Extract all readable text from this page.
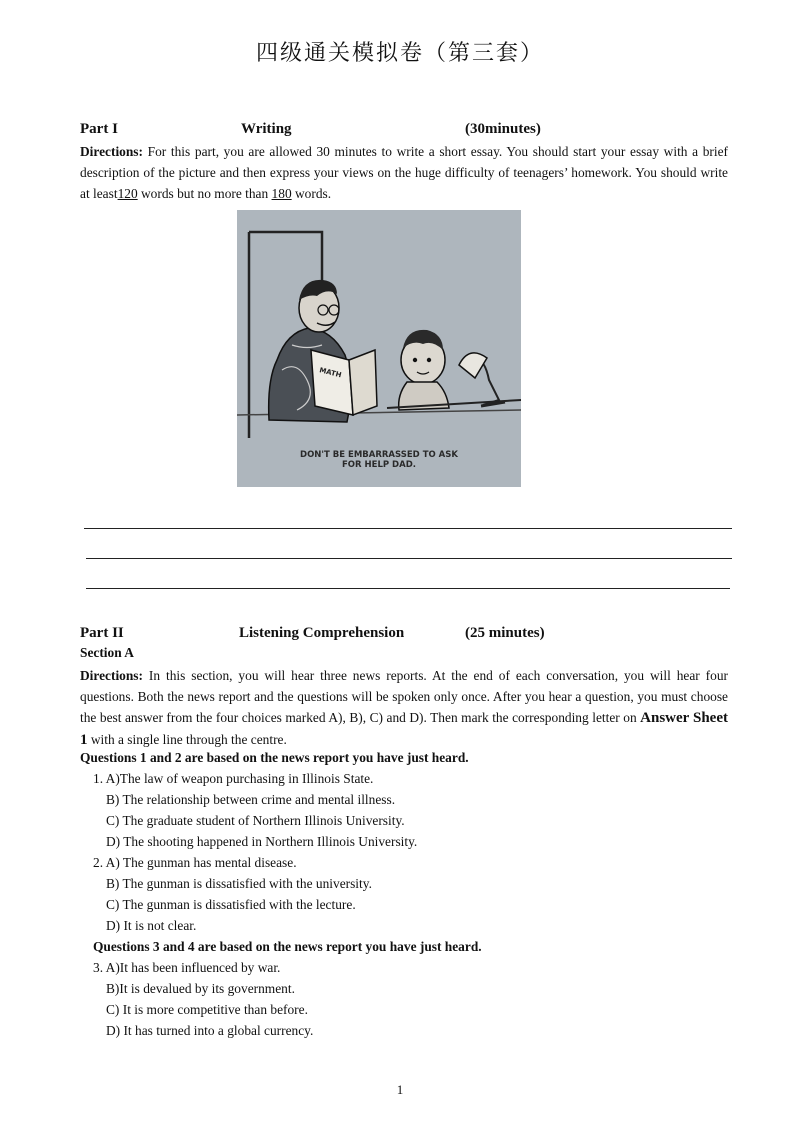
四级通关模拟卷（第三套）
Part I	Writing	(30minutes)
Directions: For this part, you are allowed 30 minutes to write a short essay. You should start your essay with a brief description of the picture and then express your views on the huge difficulty of teenagers’ homework. You should write at least120 words but no more than 180 words.
MATH
DON'T BE EMBARRASSED TO ASK
FOR HELP DAD.
Part II	Listening Comprehension	(25 minutes)
Section A
Directions: In this section, you will hear three news reports. At the end of each conversation, you will hear four questions. Both the news report and the questions will be spoken only once. After you hear a question, you must choose the best answer from the four choices marked A), B), C) and D). Then mark the corresponding letter on Answer Sheet 1 with a single line through the centre.
Questions 1 and 2 are based on the news report you have just heard.
1. A)The law of weapon purchasing in Illinois State.
B) The relationship between crime and mental illness.
C) The graduate student of Northern Illinois University.
D) The shooting happened in Northern Illinois University.
2. A) The gunman has mental disease.
B) The gunman is dissatisfied with the university.
C) The gunman is dissatisfied with the lecture.
D) It is not clear.
Questions 3 and 4 are based on the news report you have just heard.
3. A)It has been influenced by war.
B)It is devalued by its government.
C) It is more competitive than before.
D) It has turned into a global currency.
1
